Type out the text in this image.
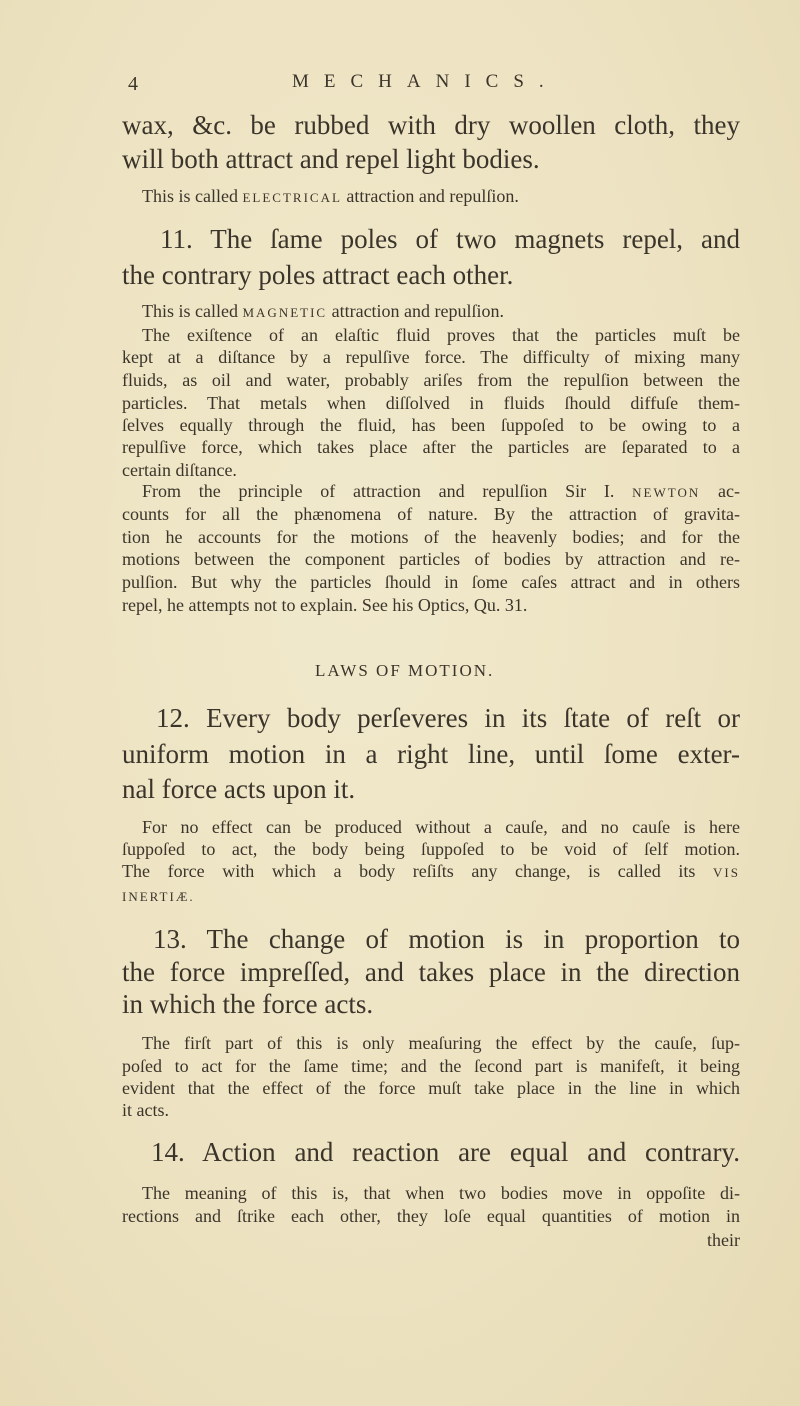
4	MECHANICS.
wax, &c. be rubbed with dry woollen cloth, they
will both attract and repel light bodies.
This is called ELECTRICAL attraction and repulſion.
11. The ſame poles of two magnets repel, and
the contrary poles attract each other.
This is called MAGNETIC attraction and repulſion.
The exiſtence of an elaſtic fluid proves that the particles muſt be
kept at a diſtance by a repulſive force. The difficulty of mixing many
fluids, as oil and water, probably ariſes from the repulſion between the
particles. That metals when diſſolved in fluids ſhould diffuſe them-
ſelves equally through the fluid, has been ſuppoſed to be owing to a
repulſive force, which takes place after the particles are ſeparated to a
certain diſtance.
From the principle of attraction and repulſion Sir I. NEWTON ac-
counts for all the phænomena of nature. By the attraction of gravita-
tion he accounts for the motions of the heavenly bodies; and for the
motions between the component particles of bodies by attraction and re-
pulſion. But why the particles ſhould in ſome caſes attract and in others
repel, he attempts not to explain. See his Optics, Qu. 31.
LAWS OF MOTION.
12. Every body perſeveres in its ſtate of reſt or
uniform motion in a right line, until ſome exter-
nal force acts upon it.
For no effect can be produced without a cauſe, and no cauſe is here
ſuppoſed to act, the body being ſuppoſed to be void of ſelf motion.
The force with which a body reſiſts any change, is called its VIS
INERTIÆ.
13. The change of motion is in proportion to
the force impreſſed, and takes place in the direction
in which the force acts.
The firſt part of this is only meaſuring the effect by the cauſe, ſup-
poſed to act for the ſame time; and the ſecond part is manifeſt, it being
evident that the effect of the force muſt take place in the line in which
it acts.
14. Action and reaction are equal and contrary.
The meaning of this is, that when two bodies move in oppoſite di-
rections and ſtrike each other, they loſe equal quantities of motion in
their
